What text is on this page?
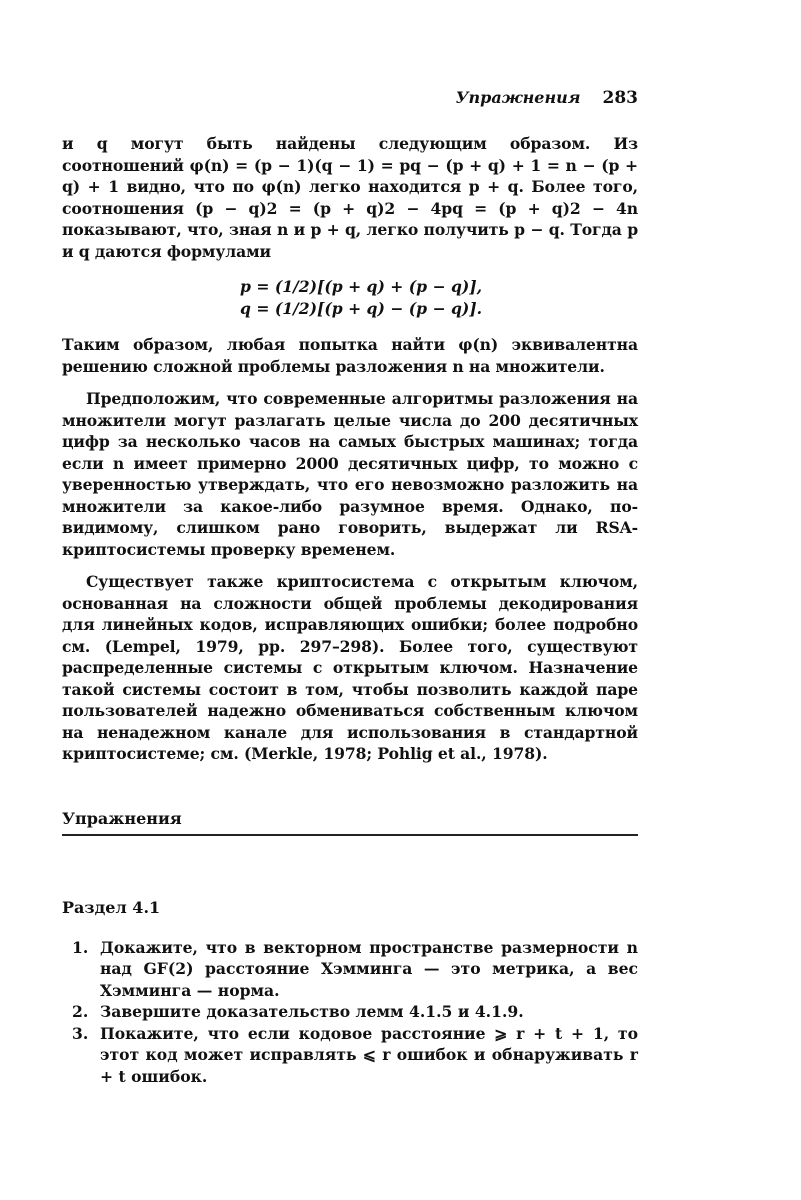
Упражнения 283

и q могут быть найдены следующим образом. Из соотношений φ(n) = (p − 1)(q − 1) = pq − (p + q) + 1 = n − (p + q) + 1 видно, что по φ(n) легко находится p + q. Более того, соотношения (p − q)2 = (p + q)2 − 4pq = (p + q)2 − 4n показывают, что, зная n и p + q, легко получить p − q. Тогда p и q даются формулами

p = (1/2)[(p + q) + (p − q)],
q = (1/2)[(p + q) − (p − q)].

Таким образом, любая попытка найти φ(n) эквивалентна решению сложной проблемы разложения n на множители.

Предположим, что современные алгоритмы разложения на множители могут разлагать целые числа до 200 десятичных цифр за несколько часов на самых быстрых машинах; тогда если n имеет примерно 2000 десятичных цифр, то можно с уверенностью утверждать, что его невозможно разложить на множители за какое-либо разумное время. Однако, по-видимому, слишком рано говорить, выдержат ли RSA-криптосистемы проверку временем.

Существует также криптосистема с открытым ключом, основанная на сложности общей проблемы декодирования для линейных кодов, исправляющих ошибки; более подробно см. (Lempel, 1979, pp. 297–298). Более того, существуют распределенные системы с открытым ключом. Назначение такой системы состоит в том, чтобы позволить каждой паре пользователей надежно обмениваться собственным ключом на ненадежном канале для использования в стандартной криптосистеме; см. (Merkle, 1978; Pohlig et al., 1978).

Упражнения
Раздел 4.1
1. Докажите, что в векторном пространстве размерности n над GF(2) расстояние Хэмминга — это метрика, а вес Хэмминга — норма.
2. Завершите доказательство лемм 4.1.5 и 4.1.9.
3. Покажите, что если кодовое расстояние ⩾ r + t + 1, то этот код может исправлять ⩽ r ошибок и обнаруживать r + t ошибок.
